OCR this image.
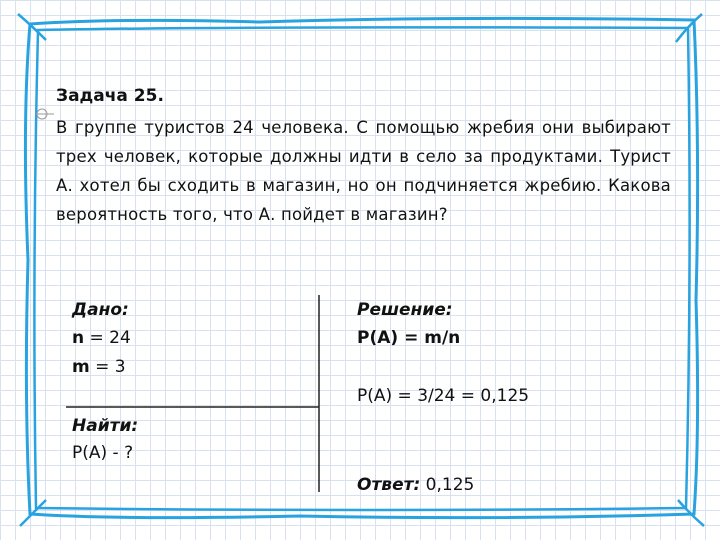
Задача 25.
В группе туристов 24 человека. С помощью жребия они выбирают трех человек, которые должны идти в село за продуктами. Турист А. хотел бы сходить в магазин, но он подчиняется жребию. Какова вероятность того, что А. пойдет в магазин?
Дано:
n = 24
m = 3
Найти:
P(A) - ?
Решение:
P(A) = m/n
P(A) = 3/24 = 0,125
Ответ: 0,125
